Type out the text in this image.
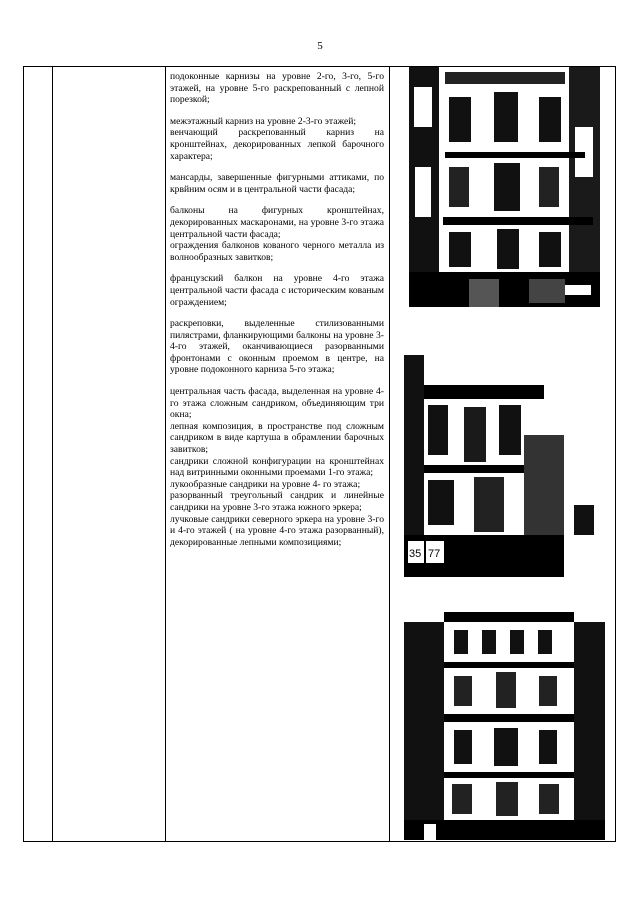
5

подоконные карнизы на уровне 2-го, 3-го, 5-го этажей, на уровне 5-го раскрепованный с лепной порезкой;

межэтажный карниз на уровне 2-3-го этажей;

венчающий раскрепованный карниз на кронштейнах, декорированных лепкой барочного характера;

мансарды, завершенные фигурными аттиками, по крвйним осям и в центральной части фасада;

балконы на фигурных кронштейнах, декорированных маскаронами, на уровне 3-го этажа центральной части фасада;

ограждения балконов кованого черного металла из волнообразных завитков;

французский балкон на уровне 4-го этажа центральной части фасада с историческим кованым ограждением;

раскреповки, выделенные стилизованными пилястрами, фланкирующими балконы на уровне 3-4-го этажей, оканчивающиеся разорванными фронтонами с оконным проемом в центре, на уровне подоконного карниза 5-го этажа;

центральная часть фасада, выделенная на уровне 4-го этажа сложным сандриком, объединяющим три окна;

лепная композиция, в пространстве под сложным сандриком в виде картуша в обрамлении барочных завитков;

сандрики сложной конфигурации на кронштейнах над витринными оконными проемами 1-го этажа;

лукообразные сандрики на уровне 4- го этажа;

разорванный треугольный сандрик и линейные сандрики на уровне 3-го этажа южного эркера;

лучковые сандрики северного эркера на уровне 3-го и 4-го этажей ( на уровне 4-го этажа разорванный), декорированные лепными композициями;

35 77
